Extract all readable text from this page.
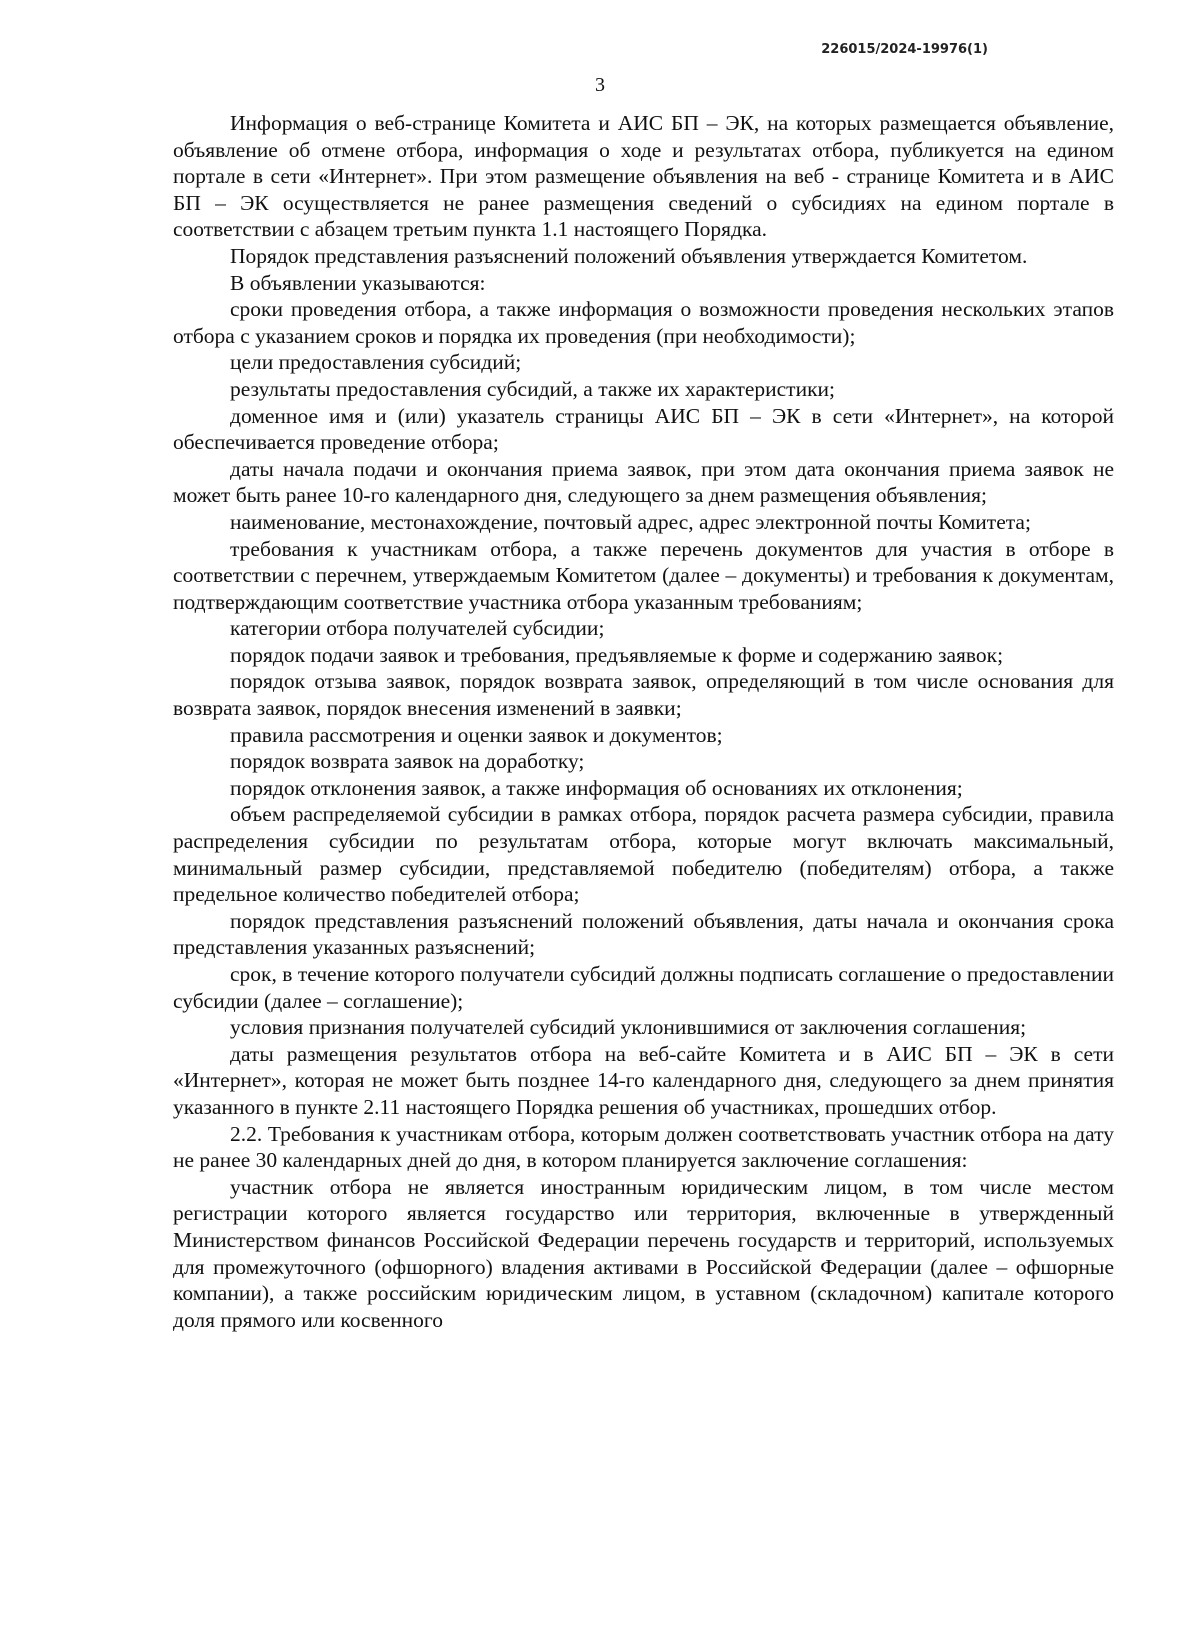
226015/2024-19976(1)
3

Информация о веб-странице Комитета и АИС БП – ЭК, на которых размещается объявление, объявление об отмене отбора, информация о ходе и результатах отбора, публикуется на едином портале в сети «Интернет». При этом размещение объявления на веб - странице Комитета и в АИС БП – ЭК осуществляется не ранее размещения сведений о субсидиях на едином портале в соответствии с абзацем третьим пункта 1.1 настоящего Порядка.

Порядок представления разъяснений положений объявления утверждается Комитетом.

В объявлении указываются:

сроки проведения отбора, а также информация о возможности проведения нескольких этапов отбора с указанием сроков и порядка их проведения (при необходимости);

цели предоставления субсидий;

результаты предоставления субсидий, а также их характеристики;

доменное имя и (или) указатель страницы АИС БП – ЭК в сети «Интернет», на которой обеспечивается проведение отбора;

даты начала подачи и окончания приема заявок, при этом дата окончания приема заявок не может быть ранее 10-го календарного дня, следующего за днем размещения объявления;

наименование, местонахождение, почтовый адрес, адрес электронной почты Комитета;

требования к участникам отбора, а также перечень документов для участия в отборе в соответствии с перечнем, утверждаемым Комитетом (далее – документы) и требования к документам, подтверждающим соответствие участника отбора указанным требованиям;

категории отбора получателей субсидии;

порядок подачи заявок и требования, предъявляемые к форме и содержанию заявок;

порядок отзыва заявок, порядок возврата заявок, определяющий в том числе основания для возврата заявок, порядок внесения изменений в заявки;

правила рассмотрения и оценки заявок и документов;

порядок возврата заявок на доработку;

порядок отклонения заявок, а также информация об основаниях их отклонения;

объем распределяемой субсидии в рамках отбора, порядок расчета размера субсидии, правила распределения субсидии по результатам отбора, которые могут включать максимальный, минимальный размер субсидии, представляемой победителю (победителям) отбора, а также предельное количество победителей отбора;

порядок представления разъяснений положений объявления, даты начала и окончания срока представления указанных разъяснений;

срок, в течение которого получатели субсидий должны подписать соглашение о предоставлении субсидии (далее – соглашение);

условия признания получателей субсидий уклонившимися от заключения соглашения;

даты размещения результатов отбора на веб-сайте Комитета и в АИС БП – ЭК в сети «Интернет», которая не может быть позднее 14-го календарного дня, следующего за днем принятия указанного в пункте 2.11 настоящего Порядка решения об участниках, прошедших отбор.

2.2. Требования к участникам отбора, которым должен соответствовать участник отбора на дату не ранее 30 календарных дней до дня, в котором планируется заключение соглашения:

участник отбора не является иностранным юридическим лицом, в том числе местом регистрации которого является государство или территория, включенные в утвержденный Министерством финансов Российской Федерации перечень государств и территорий, используемых для промежуточного (офшорного) владения активами в Российской Федерации (далее – офшорные компании), а также российским юридическим лицом, в уставном (складочном) капитале которого доля прямого или косвенного
